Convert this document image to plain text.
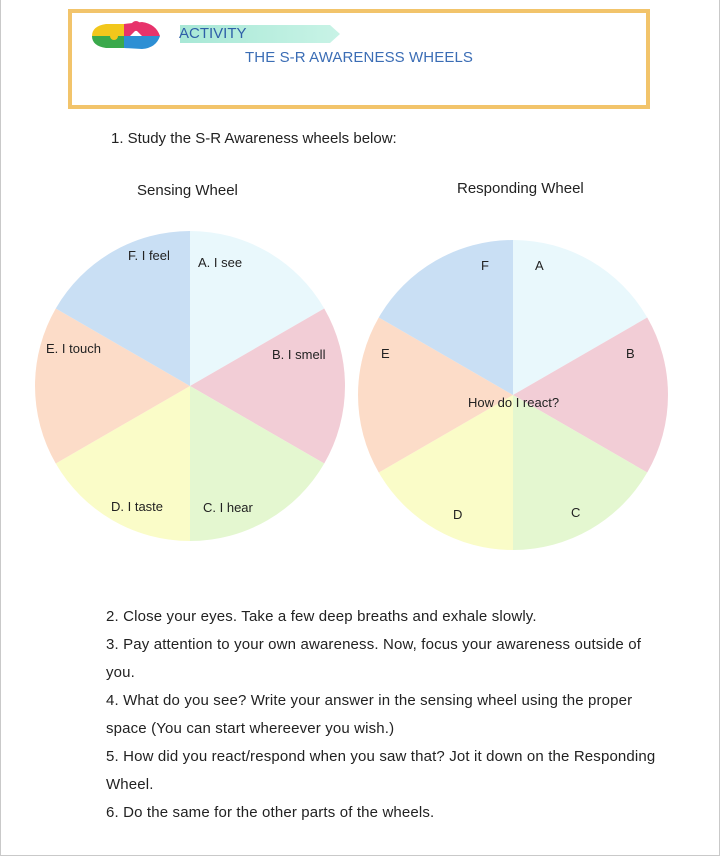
ACTIVITY
THE S-R AWARENESS WHEELS
1. Study the S-R Awareness wheels below:
Sensing Wheel	Responding Wheel
A. I see
B. I smell
C. I hear
D. I taste
E. I touch
F. I feel
A
B
C
D
E
F
How do I react?

2. Close your eyes. Take a few deep breaths and exhale slowly.

3. Pay attention to your own awareness. Now, focus your awareness outside of you.

4. What do you see? Write your answer in the sensing wheel using the proper space (You can start whereever you wish.)

5. How did you react/respond when you saw that? Jot it down on the Responding Wheel.

6. Do the same for the other parts of the wheels.
